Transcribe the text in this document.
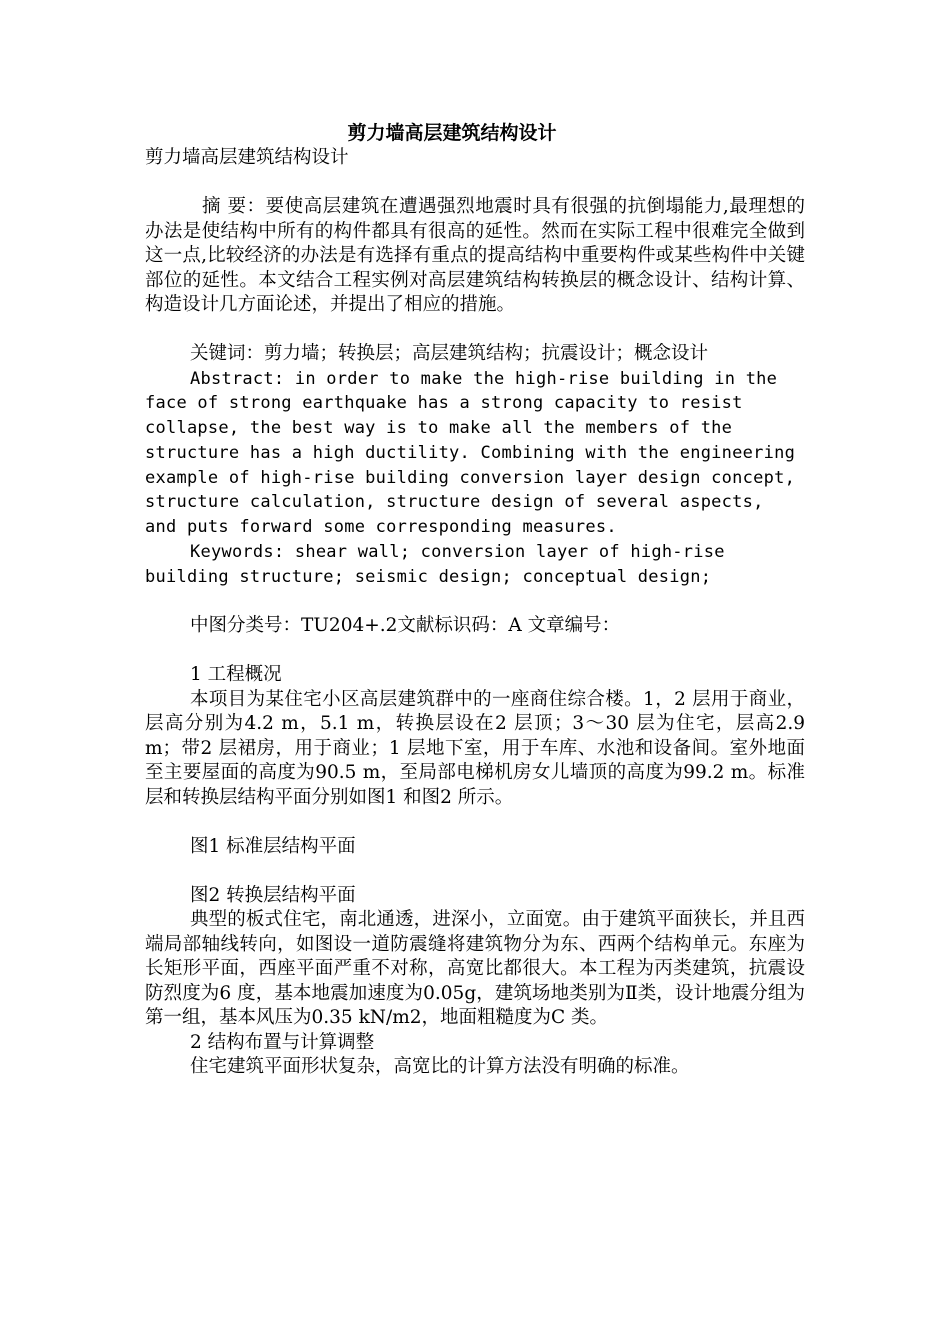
剪力墙高层建筑结构设计

剪力墙高层建筑结构设计

摘 要：要使高层建筑在遭遇强烈地震时具有很强的抗倒塌能力,最理想的办法是使结构中所有的构件都具有很高的延性。然而在实际工程中很难完全做到这一点,比较经济的办法是有选择有重点的提高结构中重要构件或某些构件中关键部位的延性。本文结合工程实例对高层建筑结构转换层的概念设计、结构计算、构造设计几方面论述，并提出了相应的措施。

关键词：剪力墙；转换层；高层建筑结构；抗震设计；概念设计

Abstract: in order to make the high-rise building in the face of strong earthquake has a strong capacity to resist collapse, the best way is to make all the members of the structure has a high ductility. Combining with the engineering example of high-rise building conversion layer design concept, structure calculation, structure design of several aspects, and puts forward some corresponding measures.

Keywords: shear wall; conversion layer of high-rise building structure; seismic design; conceptual design;

中图分类号：TU204+.2文献标识码：A 文章编号：

1 工程概况

本项目为某住宅小区高层建筑群中的一座商住综合楼。1，2 层用于商业，层高分别为4.2 m，5.1 m，转换层设在2 层顶；3～30 层为住宅，层高2.9 m；带2 层裙房，用于商业；1 层地下室，用于车库、水池和设备间。室外地面至主要屋面的高度为90.5 m，至局部电梯机房女儿墙顶的高度为99.2 m。标准层和转换层结构平面分别如图1 和图2 所示。

图1 标准层结构平面

图2 转换层结构平面

典型的板式住宅，南北通透，进深小，立面宽。由于建筑平面狭长，并且西端局部轴线转向，如图设一道防震缝将建筑物分为东、西两个结构单元。东座为长矩形平面，西座平面严重不对称，高宽比都很大。本工程为丙类建筑，抗震设防烈度为6 度，基本地震加速度为0.05g，建筑场地类别为Ⅱ类，设计地震分组为第一组，基本风压为0.35 kN/m2，地面粗糙度为C 类。

2 结构布置与计算调整

住宅建筑平面形状复杂，高宽比的计算方法没有明确的标准。
